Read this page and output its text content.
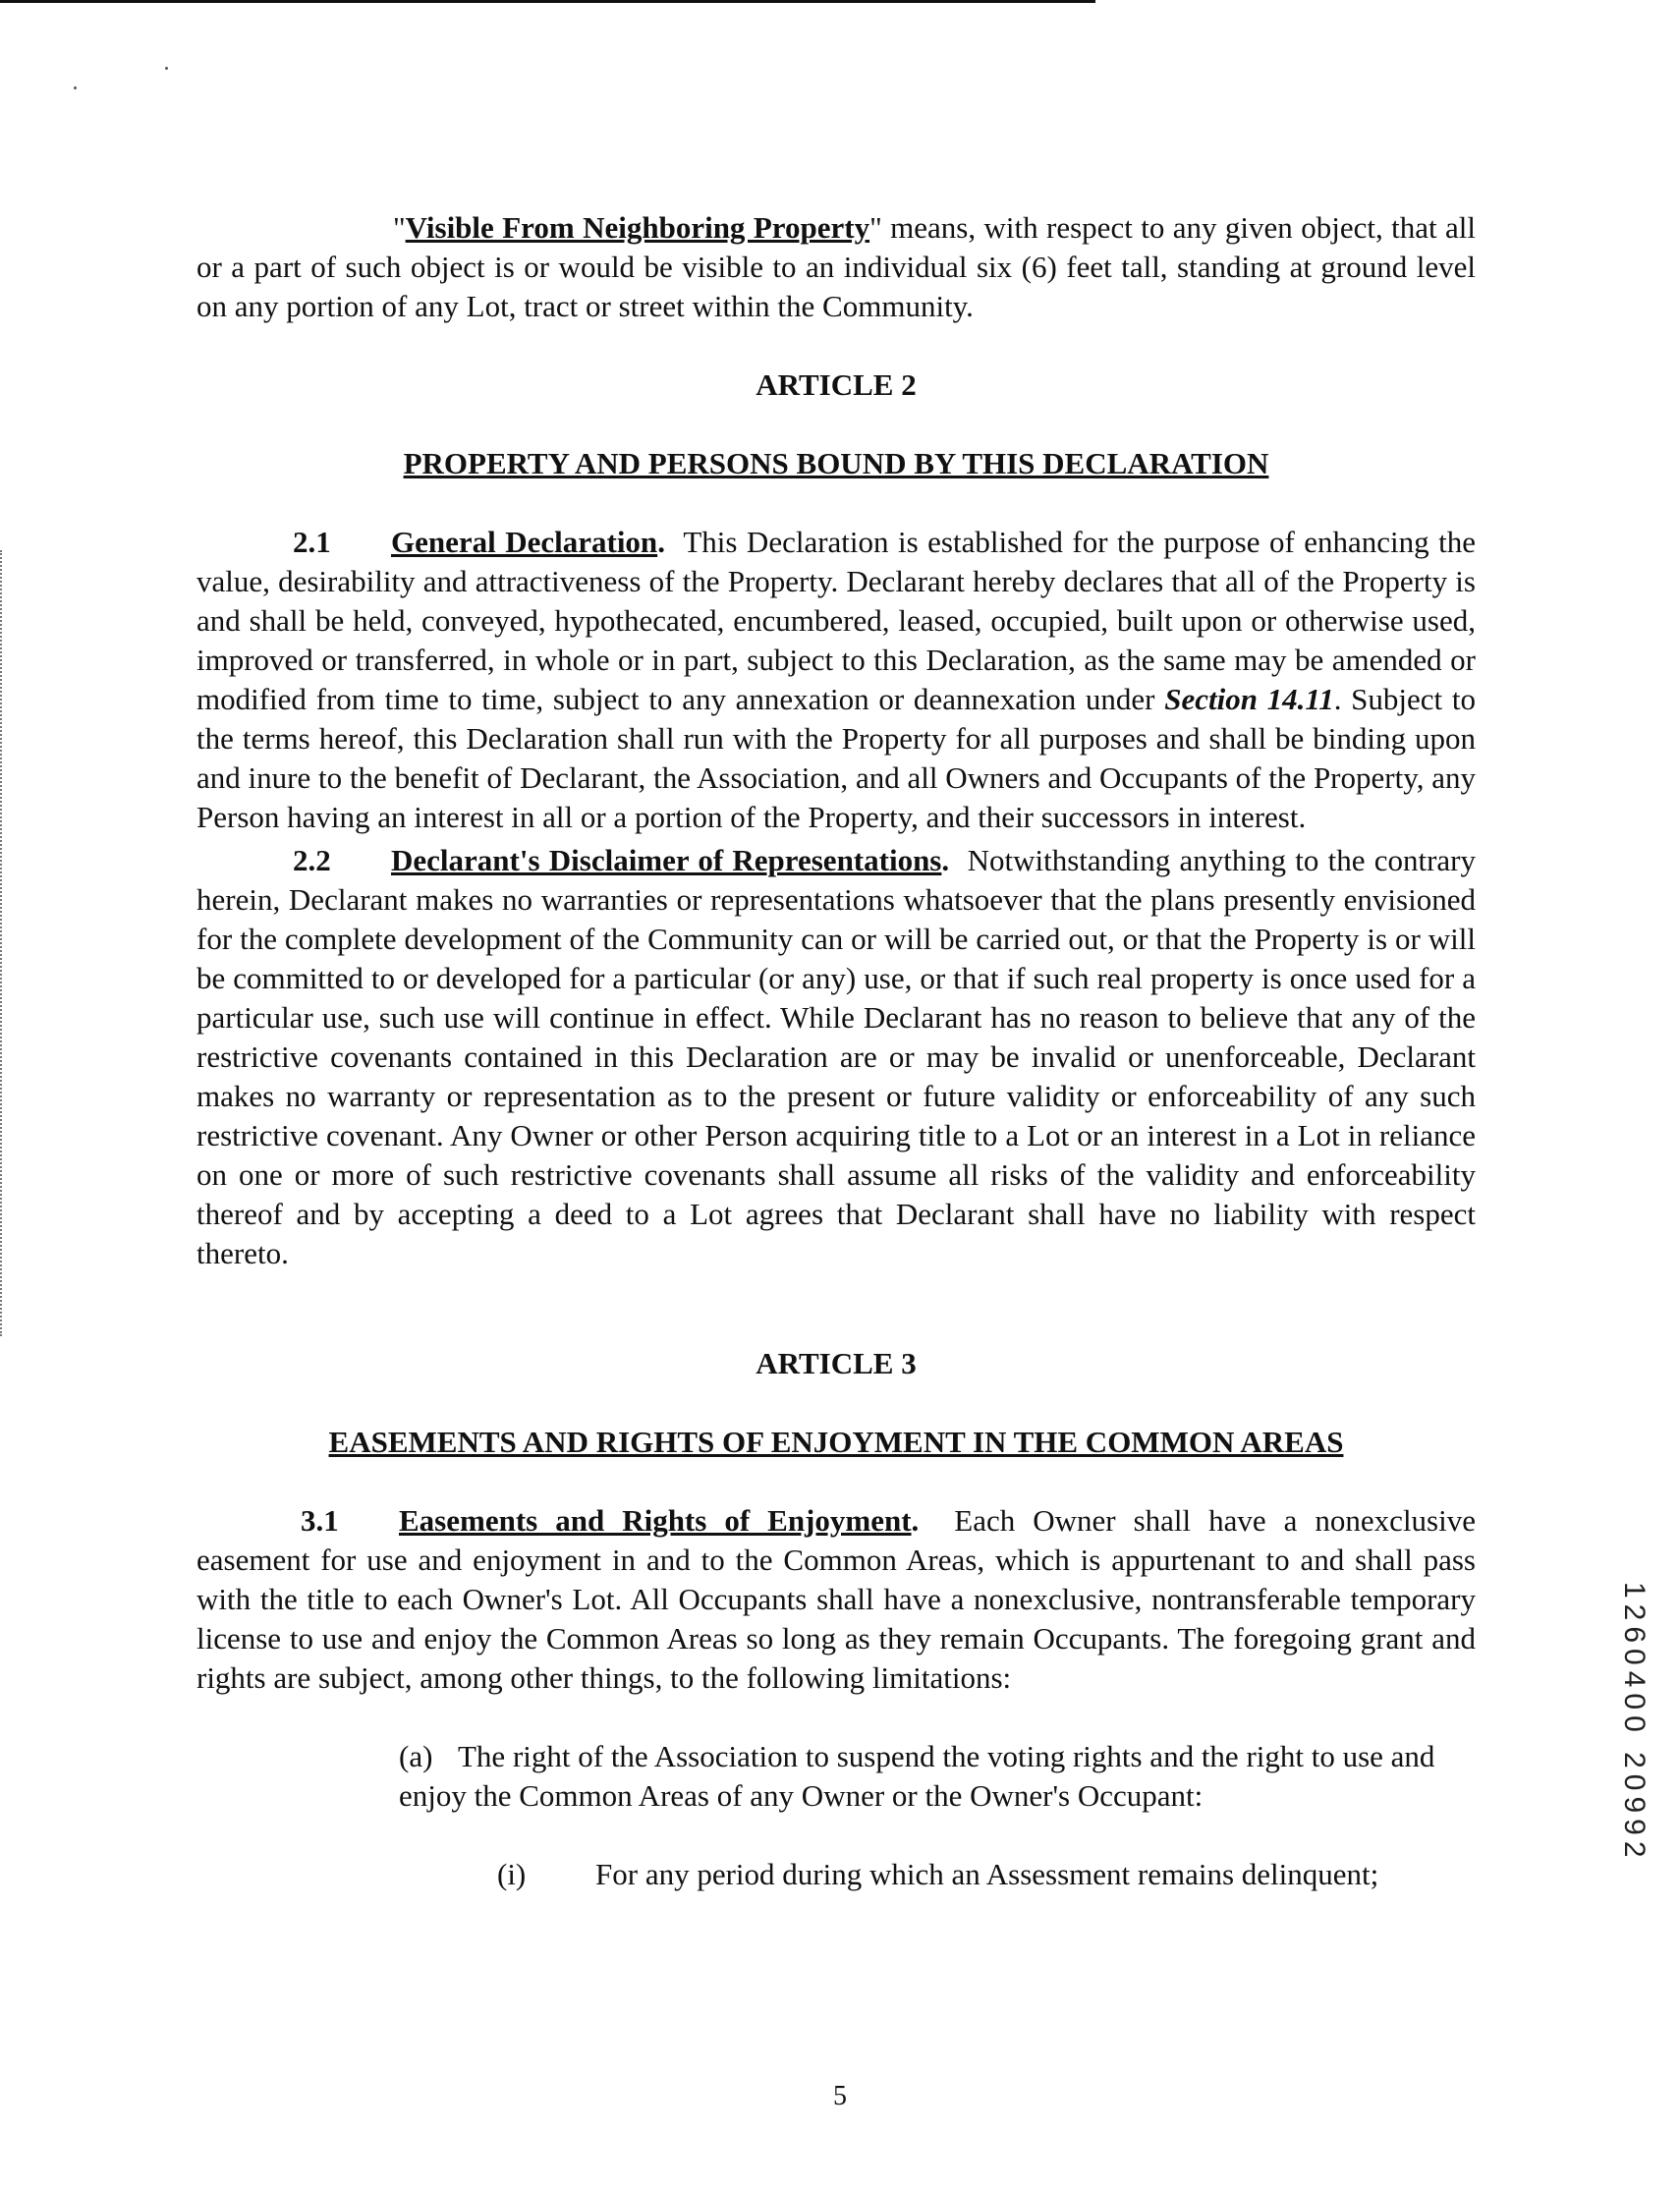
"Visible From Neighboring Property" means, with respect to any given object, that all or a part of such object is or would be visible to an individual six (6) feet tall, standing at ground level on any portion of any Lot, tract or street within the Community.

ARTICLE 2

PROPERTY AND PERSONS BOUND BY THIS DECLARATION

2.1 General Declaration. This Declaration is established for the purpose of enhancing the value, desirability and attractiveness of the Property. Declarant hereby declares that all of the Property is and shall be held, conveyed, hypothecated, encumbered, leased, occupied, built upon or otherwise used, improved or transferred, in whole or in part, subject to this Declaration, as the same may be amended or modified from time to time, subject to any annexation or deannexation under Section 14.11. Subject to the terms hereof, this Declaration shall run with the Property for all purposes and shall be binding upon and inure to the benefit of Declarant, the Association, and all Owners and Occupants of the Property, any Person having an interest in all or a portion of the Property, and their successors in interest.

2.2 Declarant's Disclaimer of Representations. Notwithstanding anything to the contrary herein, Declarant makes no warranties or representations whatsoever that the plans presently envisioned for the complete development of the Community can or will be carried out, or that the Property is or will be committed to or developed for a particular (or any) use, or that if such real property is once used for a particular use, such use will continue in effect. While Declarant has no reason to believe that any of the restrictive covenants contained in this Declaration are or may be invalid or unenforceable, Declarant makes no warranty or representation as to the present or future validity or enforceability of any such restrictive covenant. Any Owner or other Person acquiring title to a Lot or an interest in a Lot in reliance on one or more of such restrictive covenants shall assume all risks of the validity and enforceability thereof and by accepting a deed to a Lot agrees that Declarant shall have no liability with respect thereto.

ARTICLE 3

EASEMENTS AND RIGHTS OF ENJOYMENT IN THE COMMON AREAS

3.1 Easements and Rights of Enjoyment. Each Owner shall have a nonexclusive easement for use and enjoyment in and to the Common Areas, which is appurtenant to and shall pass with the title to each Owner's Lot. All Occupants shall have a nonexclusive, nontransferable temporary license to use and enjoy the Common Areas so long as they remain Occupants. The foregoing grant and rights are subject, among other things, to the following limitations:

(a) The right of the Association to suspend the voting rights and the right to use and enjoy the Common Areas of any Owner or the Owner's Occupant:

(i) For any period during which an Assessment remains delinquent;

5
1260400 20992
